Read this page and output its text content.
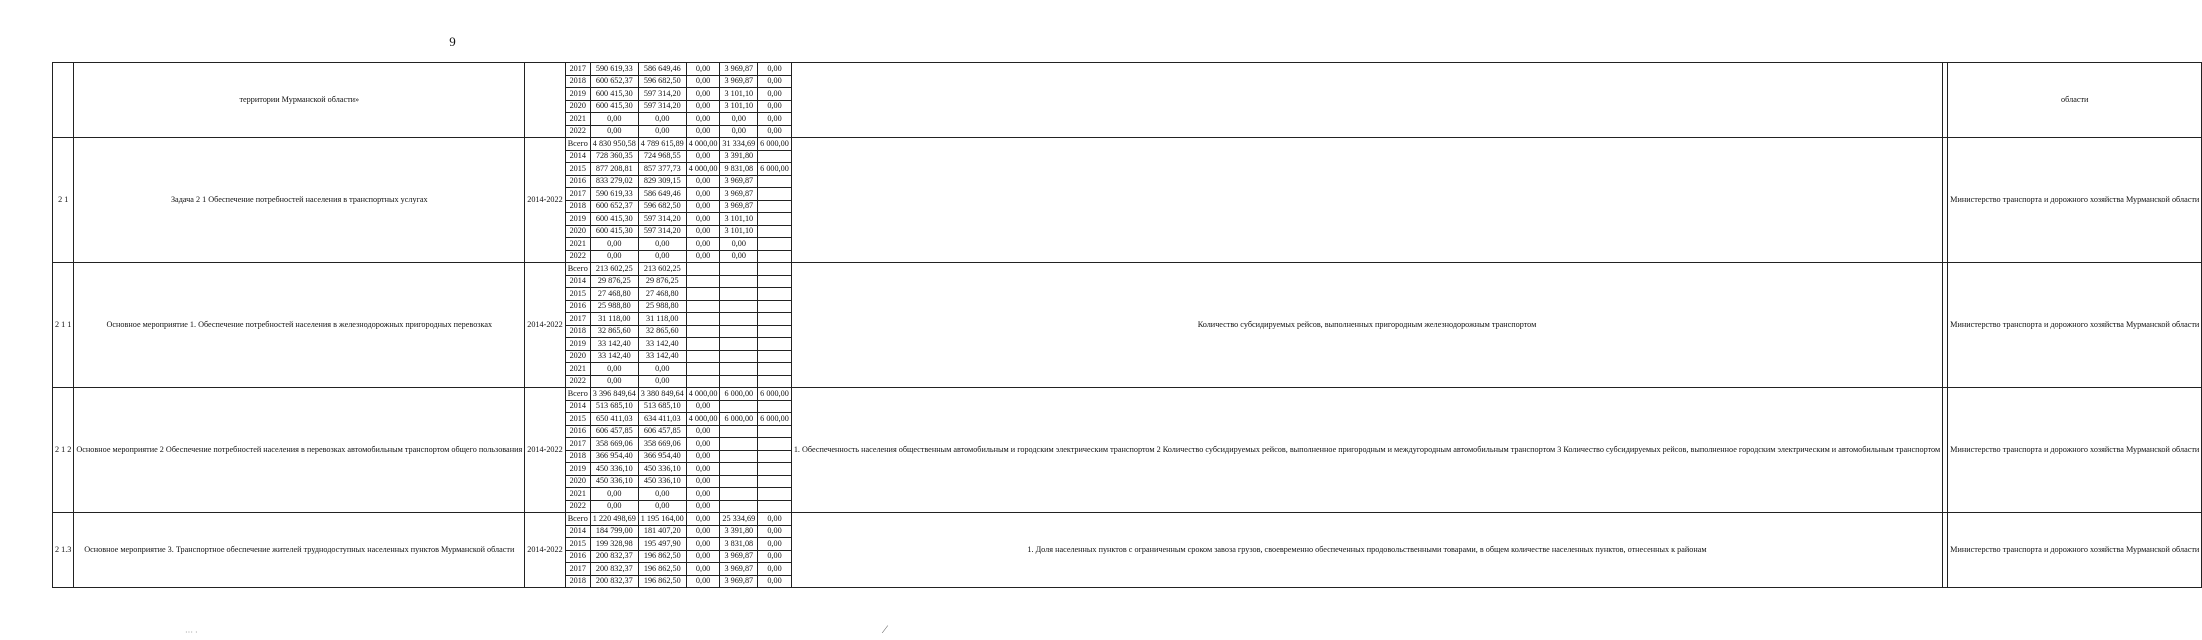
9
	территории Мурманской области»		2017	590 619,33	586 649,46	0,00	3 969,87	0,00			области
			2018	600 652,37	596 682,50	0,00	3 969,87	0,00			
			2019	600 415,30	597 314,20	0,00	3 101,10	0,00			
			2020	600 415,30	597 314,20	0,00	3 101,10	0,00			
			2021	0,00	0,00	0,00	0,00	0,00			
			2022	0,00	0,00	0,00	0,00	0,00			
2 1	Задача 2 1 Обеспечение потребностей населения в транспортных услугах	2014-2022	Всего	4 830 950,58	4 789 615,89	4 000,00	31 334,69	6 000,00			Министерство транспорта и дорожного хозяйства Мурманской области
			2014	728 360,35	724 968,55	0,00	3 391,80				
			2015	877 208,81	857 377,73	4 000,00	9 831,08	6 000,00			
			2016	833 279,02	829 309,15	0,00	3 969,87				
			2017	590 619,33	586 649,46	0,00	3 969,87				
			2018	600 652,37	596 682,50	0,00	3 969,87				
			2019	600 415,30	597 314,20	0,00	3 101,10				
			2020	600 415,30	597 314,20	0,00	3 101,10				
			2021	0,00	0,00	0,00	0,00				
			2022	0,00	0,00	0,00	0,00				
2 1 1	Основное мероприятие 1. Обеспечение потребностей населения в железнодорожных пригородных перевозках	2014-2022	Всего	213 602,25	213 602,25				Количество субсидируемых рейсов, выполненных пригородным железнодорожным транспортом		Министерство транспорта и дорожного хозяйства Мурманской области
			2014	29 876,25	29 876,25						
			2015	27 468,80	27 468,80						
			2016	25 988,80	25 988,80						
			2017	31 118,00	31 118,00						
			2018	32 865,60	32 865,60						
			2019	33 142,40	33 142,40						
			2020	33 142,40	33 142,40						
			2021	0,00	0,00						
			2022	0,00	0,00						
2 1 2	Основное мероприятие 2 Обеспечение потребностей населения в перевозках автомобильным транспортом общего пользования	2014-2022	Всего	3 396 849,64	3 380 849,64	4 000,00	6 000,00	6 000,00	1. Обеспеченность населения общественным автомобильным и городским электрическим транспортом 2 Количество субсидируемых рейсов, выполненное пригородным и междугородным автомобильным транспортом 3 Количество субсидируемых рейсов, выполненное городским электрическим и автомобильным транспортом		Министерство транспорта и дорожного хозяйства Мурманской области
			2014	513 685,10	513 685,10	0,00					
			2015	650 411,03	634 411,03	4 000,00	6 000,00	6 000,00			
			2016	606 457,85	606 457,85	0,00					
			2017	358 669,06	358 669,06	0,00					
			2018	366 954,40	366 954,40	0,00					
			2019	450 336,10	450 336,10	0,00					
			2020	450 336,10	450 336,10	0,00					
			2021	0,00	0,00	0,00					
			2022	0,00	0,00	0,00					
2 1.3	Основное мероприятие 3. Транспортное обеспечение жителей труднодоступных населенных пунктов Мурманской области	2014-2022	Всего	1 220 498,69	1 195 164,00	0,00	25 334,69	0,00	1. Доля населенных пунктов с ограниченным сроком завоза грузов, своевременно обеспеченных продовольственными товарами, в общем количестве населенных пунктов, отнесенных к районам		Министерство транспорта и дорожного хозяйства Мурманской области
			2014	184 799,00	181 407,20	0,00	3 391,80	0,00			
			2015	199 328,98	195 497,90	0,00	3 831,08	0,00			
			2016	200 832,37	196 862,50	0,00	3 969,87	0,00			
			2017	200 832,37	196 862,50	0,00	3 969,87	0,00			
			2018	200 832,37	196 862,50	0,00	3 969,87	0,00			
··· ·	⁄
